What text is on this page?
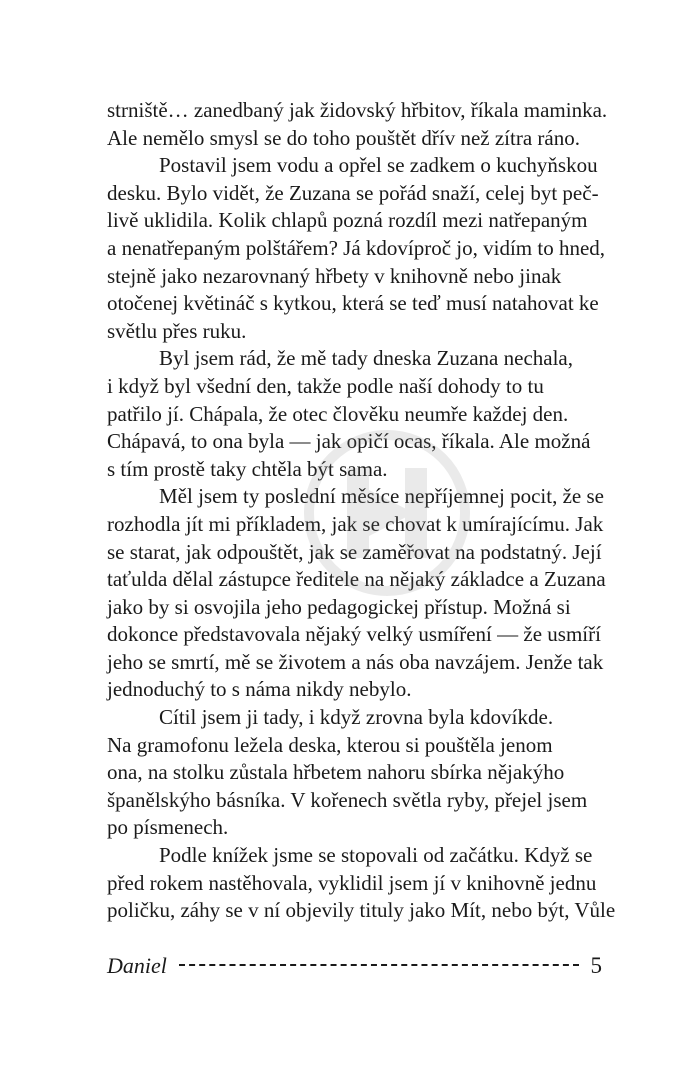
strniště… zanedbaný jak židovský hřbitov, říkala maminka.
Ale nemělo smysl se do toho pouštět dřív než zítra ráno.
Postavil jsem vodu a opřel se zadkem o kuchyňskou
desku. Bylo vidět, že Zuzana se pořád snaží, celej byt peč-
livě uklidila. Kolik chlapů pozná rozdíl mezi natřepaným
a nenatřepaným polštářem? Já kdovíproč jo, vidím to hned,
stejně jako nezarovnaný hřbety v knihovně nebo jinak
otočenej květináč s kytkou, která se teď musí natahovat ke
světlu přes ruku.
Byl jsem rád, že mě tady dneska Zuzana nechala,
i když byl všední den, takže podle naší dohody to tu
patřilo jí. Chápala, že otec člověku neumře každej den.
Chápavá, to ona byla — jak opičí ocas, říkala. Ale možná
s tím prostě taky chtěla být sama.
Měl jsem ty poslední měsíce nepříjemnej pocit, že se
rozhodla jít mi příkladem, jak se chovat k umírajícímu. Jak
se starat, jak odpouštět, jak se zaměřovat na podstatný. Její
taťulda dělal zástupce ředitele na nějaký základce a Zuzana
jako by si osvojila jeho pedagogickej přístup. Možná si
dokonce představovala nějaký velký usmíření — že usmíří
jeho se smrtí, mě se životem a nás oba navzájem. Jenže tak
jednoduchý to s náma nikdy nebylo.
Cítil jsem ji tady, i když zrovna byla kdovíkde.
Na gramofonu ležela deska, kterou si pouštěla jenom
ona, na stolku zůstala hřbetem nahoru sbírka nějakýho
španělskýho básníka. V kořenech světla ryby, přejel jsem
po písmenech.
Podle knížek jsme se stopovali od začátku. Když se
před rokem nastěhovala, vyklidil jsem jí v knihovně jednu
poličku, záhy se v ní objevily tituly jako Mít, nebo být, Vůle
Daniel	5
